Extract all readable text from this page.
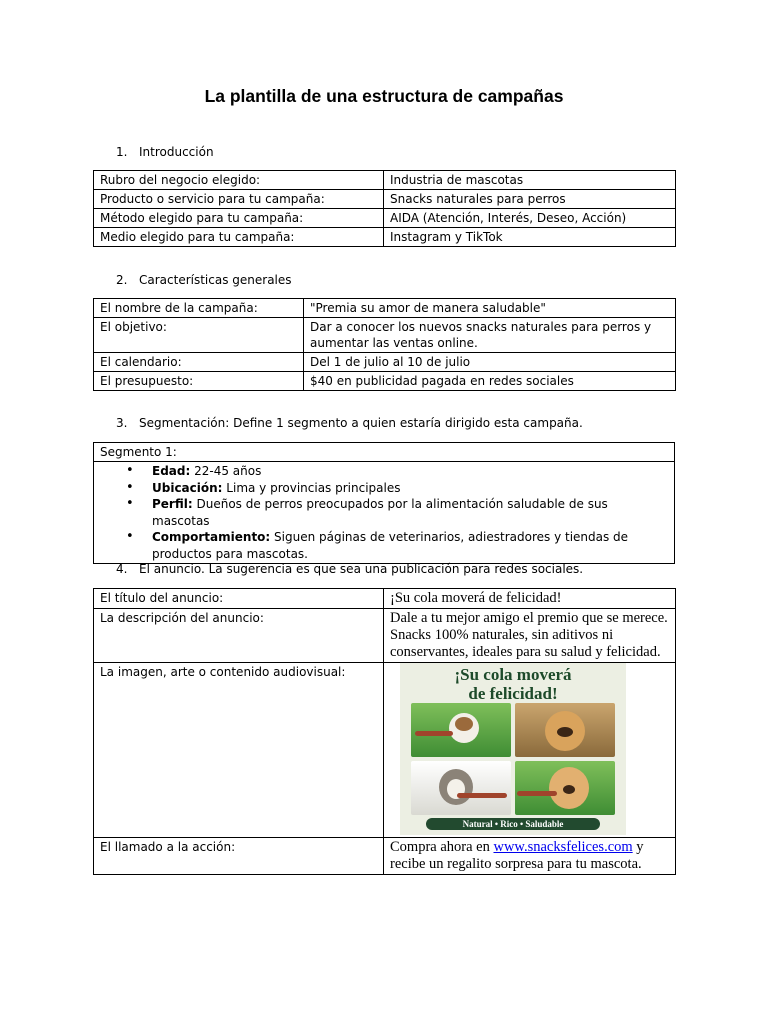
La plantilla de una estructura de campañas
1. Introducción
Rubro del negocio elegido:	Industria de mascotas
Producto o servicio para tu campaña:	Snacks naturales para perros
Método elegido para tu campaña:	AIDA (Atención, Interés, Deseo, Acción)
Medio elegido para tu campaña:	Instagram y TikTok
2. Características generales
El nombre de la campaña:	"Premia su amor de manera saludable"
El objetivo:	Dar a conocer los nuevos snacks naturales para perros y aumentar las ventas online.
El calendario:	Del 1 de julio al 10 de julio
El presupuesto:	$40 en publicidad pagada en redes sociales
3. Segmentación: Define 1 segmento a quien estaría dirigido esta campaña.
Segmento 1:

• Edad: 22-45 años
• Ubicación: Lima y provincias principales
• Perfil: Dueños de perros preocupados por la alimentación saludable de sus mascotas
• Comportamiento: Siguen páginas de veterinarios, adiestradores y tiendas de productos para mascotas.
4. El anuncio. La sugerencia es que sea una publicación para redes sociales.
El título del anuncio:	¡Su cola moverá de felicidad!
La descripción del anuncio:	Dale a tu mejor amigo el premio que se merece. Snacks 100% naturales, sin aditivos ni conservantes, ideales para su salud y felicidad.
La imagen, arte o contenido audiovisual:	¡Su cola moverá
de felicidad!
Natural • Rico • Saludable

El llamado a la acción:	Compra ahora en www.snacksfelices.com y recibe un regalito sorpresa para tu mascota.
